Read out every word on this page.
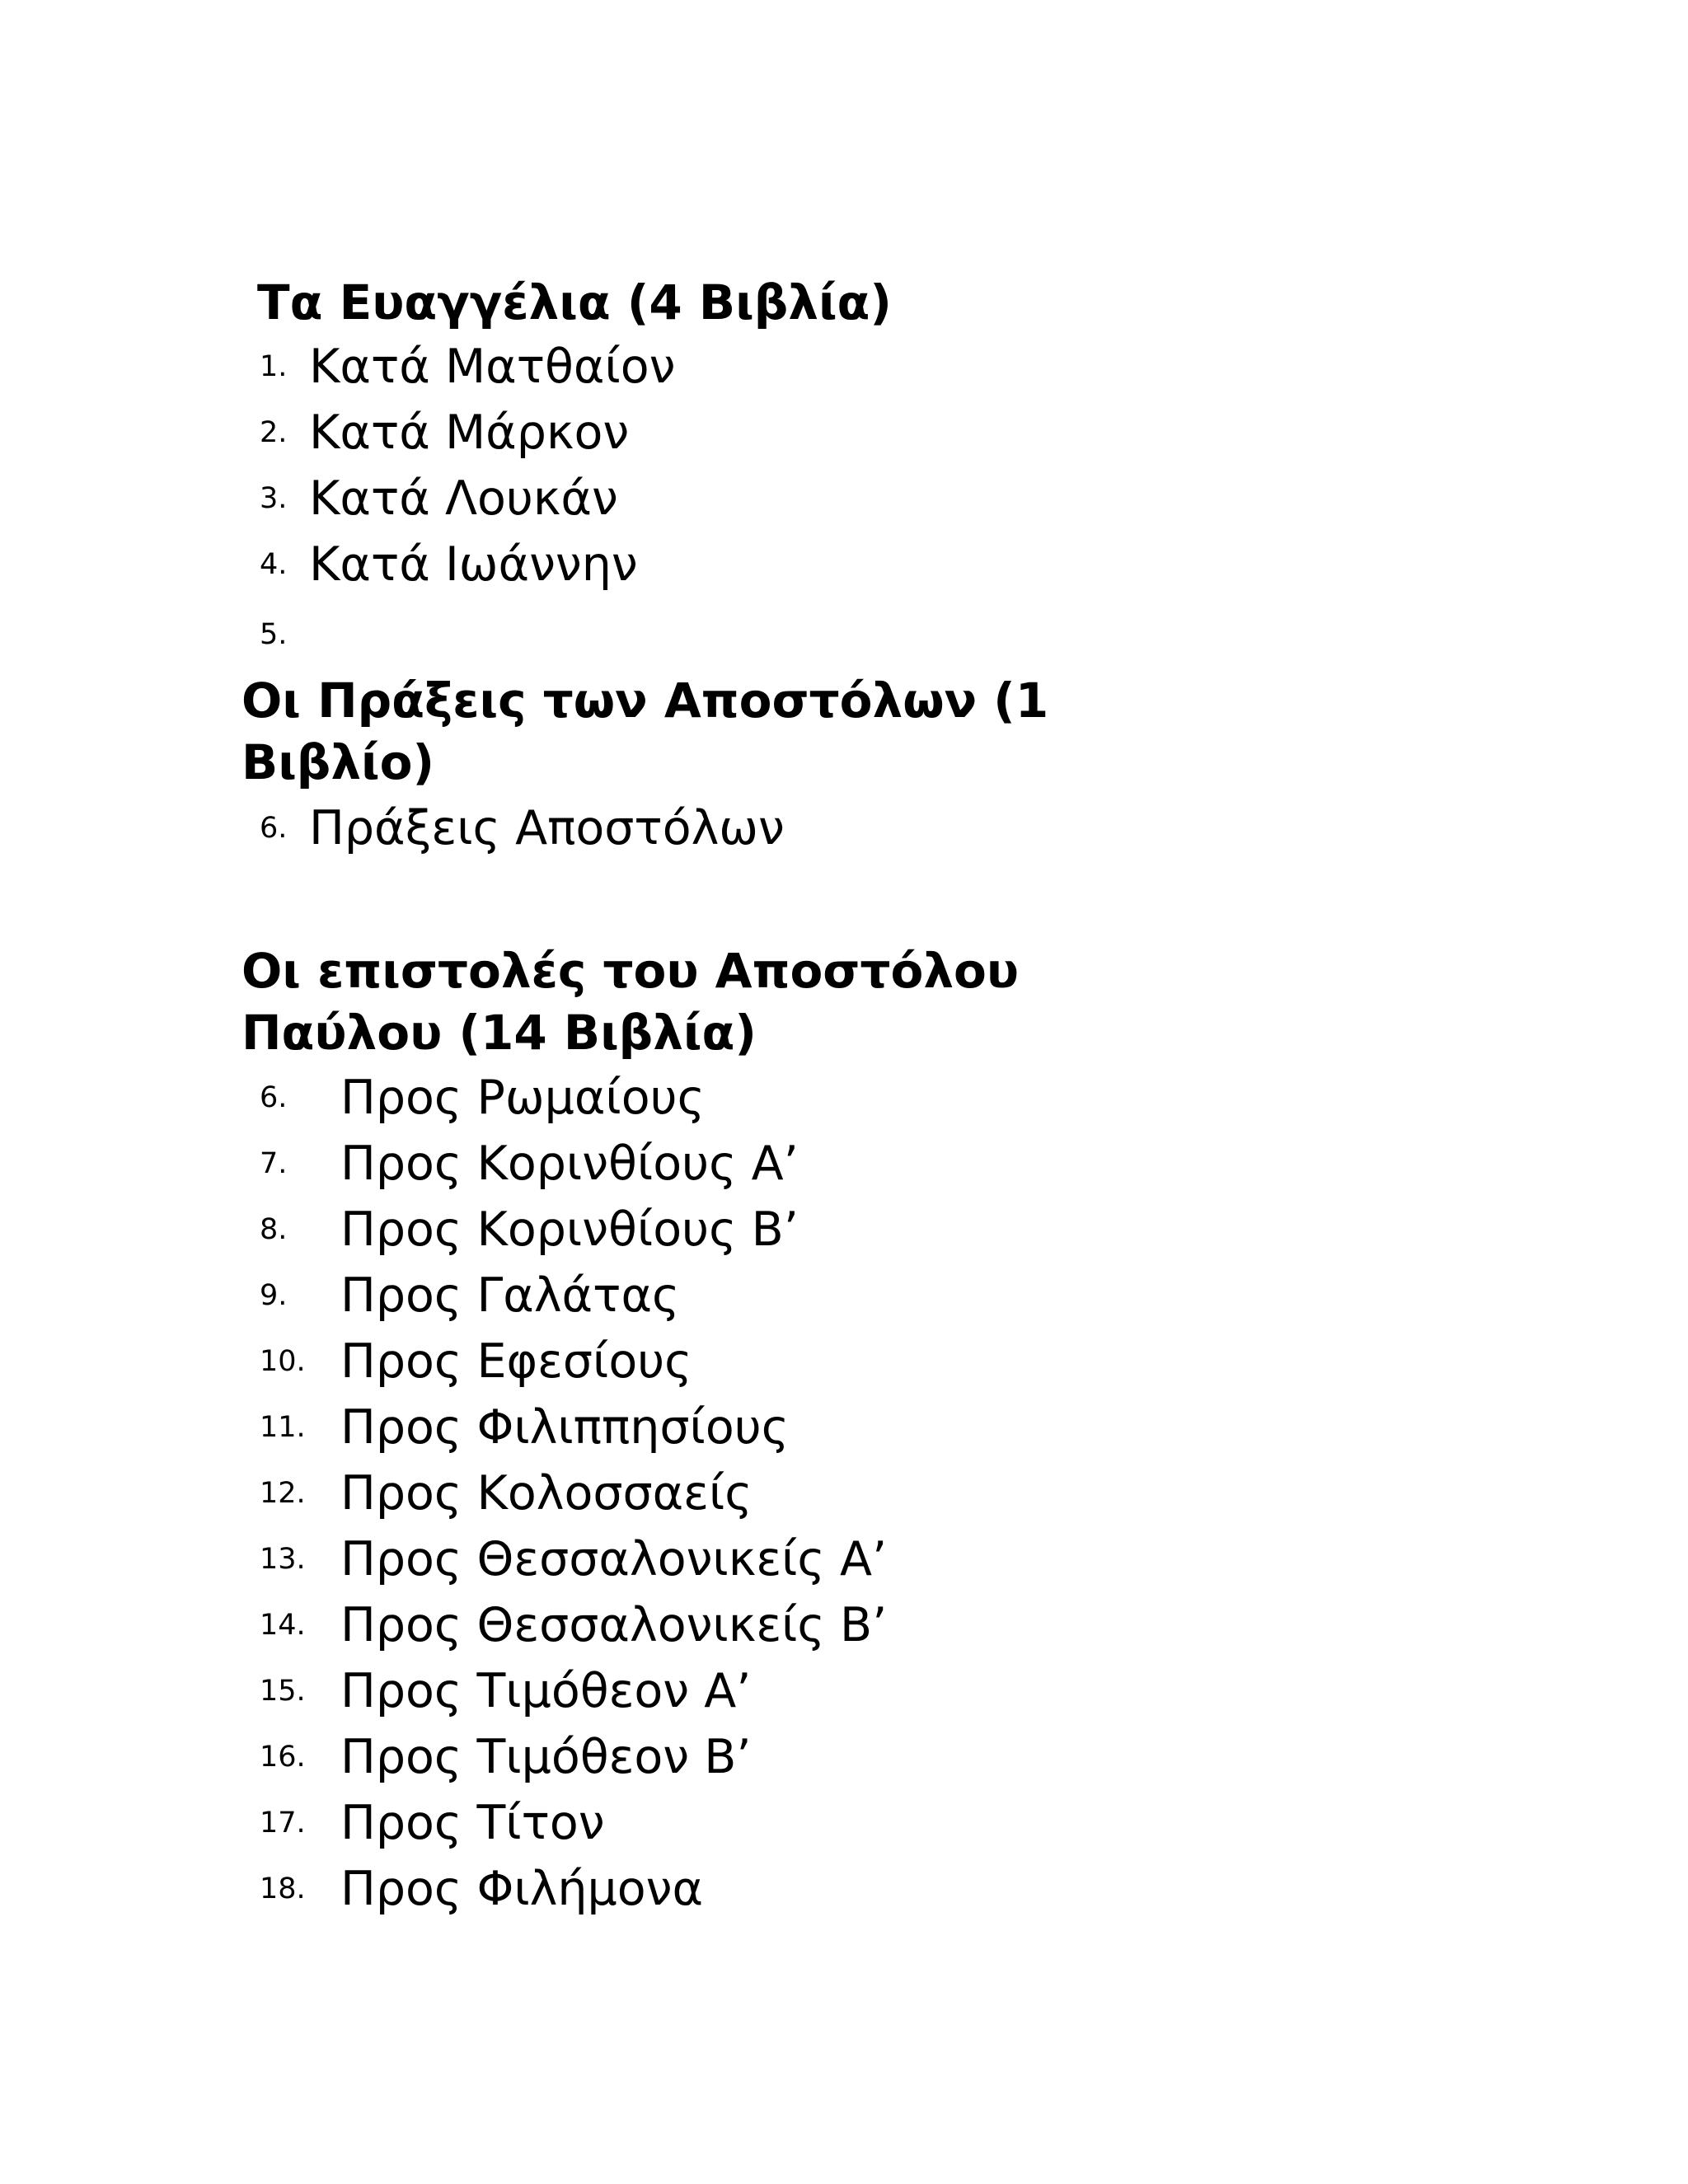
Τα Ευαγγέλια (4 Βιβλία)
1. Κατά Ματθαίον
2. Κατά Μάρκον
3. Κατά Λουκάν
4. Κατά Ιωάννην
5.
Οι Πράξεις των Αποστόλων (1
Βιβλίο)
6. Πράξεις Αποστόλων
Οι επιστολές του Αποστόλου
Παύλου (14 Βιβλία)
6. Προς Ρωμαίους
7. Προς Κορινθίους Α’
8. Προς Κορινθίους Β’
9. Προς Γαλάτας
10. Προς Εφεσίους
11. Προς Φιλιππησίους
12. Προς Κολοσσαείς
13. Προς Θεσσαλονικείς Α’
14. Προς Θεσσαλονικείς Β’
15. Προς Τιμόθεον Α’
16. Προς Τιμόθεον Β’
17. Προς Τίτον
18. Προς Φιλήμονα
